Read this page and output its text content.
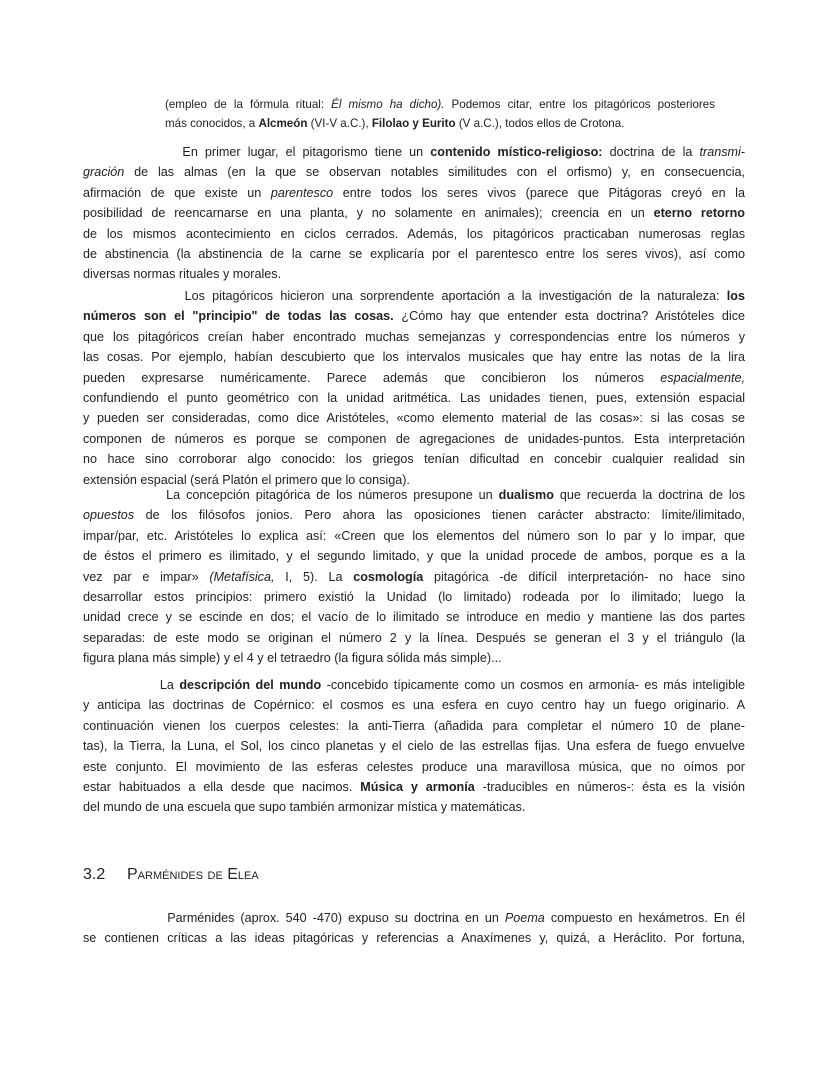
(empleo de la fórmula ritual: Él mismo ha dicho). Podemos citar, entre los pitagóricos posteriores
más conocidos, a Alcmeón (VI-V a.C.), Filolao y Eurito (V a.C.), todos ellos de Crotona.
En primer lugar, el pitagorismo tiene un contenido místico-religioso: doctrina de la transmi-
gración de las almas (en la que se observan notables similitudes con el orfismo) y, en consecuencia,
afirmación de que existe un parentesco entre todos los seres vivos (parece que Pitágoras creyó en la
posibilidad de reencarnarse en una planta, y no solamente en animales); creencia en un eterno retorno
de los mismos acontecimiento en ciclos cerrados. Además, los pitagóricos practicaban numerosas reglas
de abstinencia (la abstinencia de la carne se explicaría por el parentesco entre los seres vivos), así como
diversas normas rituales y morales.
Los pitagóricos hicieron una sorprendente aportación a la investigación de la naturaleza: los
números son el "principio" de todas las cosas. ¿Cómo hay que entender esta doctrina? Aristóteles dice
que los pitagóricos creían haber encontrado muchas semejanzas y correspondencias entre los números y
las cosas. Por ejemplo, habían descubierto que los intervalos musicales que hay entre las notas de la lira
pueden expresarse numéricamente. Parece además que concibieron los números espacialmente,
confundiendo el punto geométrico con la unidad aritmética. Las unidades tienen, pues, extensión espacial
y pueden ser consideradas, como dice Aristóteles, «como elemento material de las cosas»: si las cosas se
componen de números es porque se componen de agregaciones de unidades-puntos. Esta interpretación
no hace sino corroborar algo conocido: los griegos tenían dificultad en concebir cualquier realidad sin
extensión espacial (será Platón el primero que lo consiga).
La concepción pitagórica de los números presupone un dualismo que recuerda la doctrina de los
opuestos de los filósofos jonios. Pero ahora las oposiciones tienen carácter abstracto: límite/ilimitado,
impar/par, etc. Aristóteles lo explica así: «Creen que los elementos del número son lo par y lo impar, que
de éstos el primero es ilimitado, y el segundo limitado, y que la unidad procede de ambos, porque es a la
vez par e impar» (Metafísica, I, 5). La cosmología pitagórica -de difícil interpretación- no hace sino
desarrollar estos principios: primero existió la Unidad (lo limitado) rodeada por lo ilimitado; luego la
unidad crece y se escinde en dos; el vacío de lo ilimitado se introduce en medio y mantiene las dos partes
separadas: de este modo se originan el número 2 y la línea. Después se generan el 3 y el triángulo (la
figura plana más simple) y el 4 y el tetraedro (la figura sólida más simple)...
La descripción del mundo -concebido típicamente como un cosmos en armonía- es más inteligible
y anticipa las doctrinas de Copérnico: el cosmos es una esfera en cuyo centro hay un fuego originario. A
continuación vienen los cuerpos celestes: la anti-Tierra (añadida para completar el número 10 de plane-
tas), la Tierra, la Luna, el Sol, los cinco planetas y el cielo de las estrellas fijas. Una esfera de fuego envuelve
este conjunto. El movimiento de las esferas celestes produce una maravillosa música, que no oímos por
estar habituados a ella desde que nacimos. Música y armonía -traducibles en números-: ésta es la visión
del mundo de una escuela que supo también armonizar mística y matemáticas.
3.2 Parménides de Elea
Parménides (aprox. 540 -470) expuso su doctrina en un Poema compuesto en hexámetros. En él
se contienen críticas a las ideas pitagóricas y referencias a Anaxímenes y, quizá, a Heráclito. Por fortuna,
